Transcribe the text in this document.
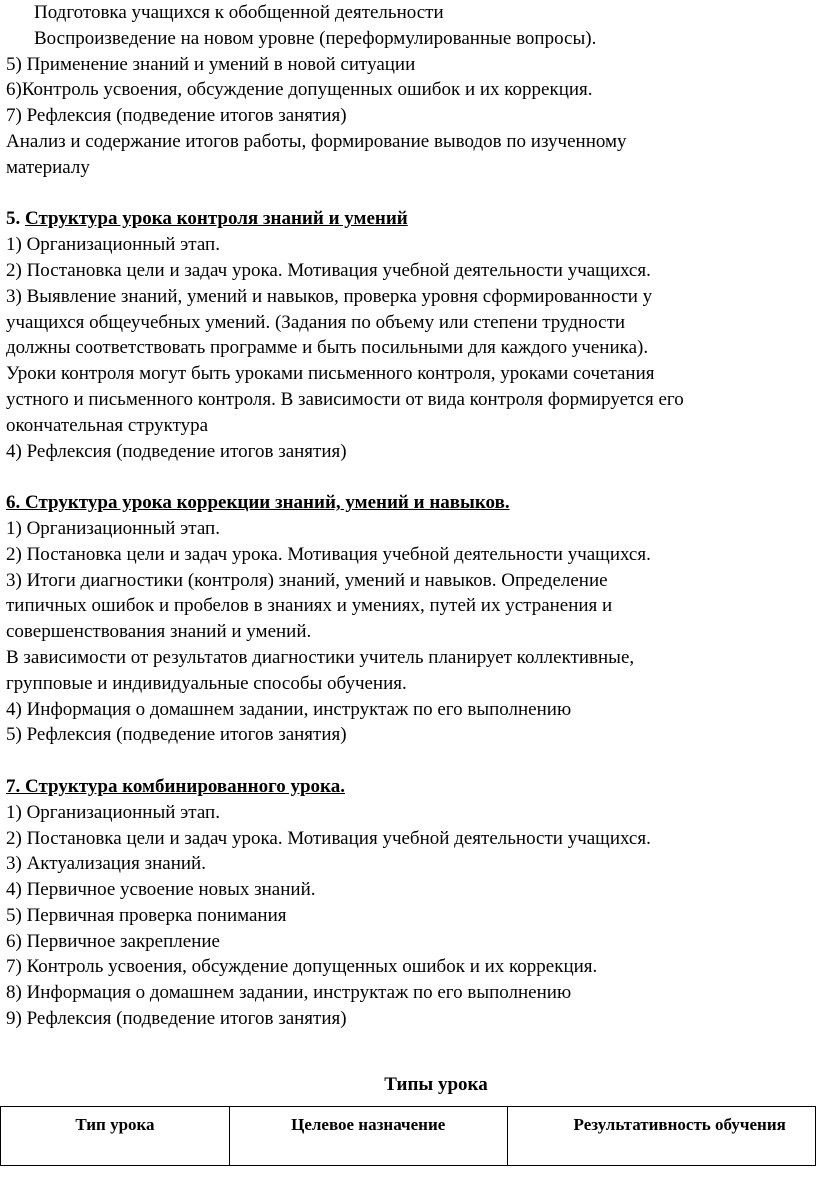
Подготовка учащихся к обобщенной деятельности
Воспроизведение на новом уровне (переформулированные вопросы).
5) Применение знаний и умений в новой ситуации
6)Контроль усвоения, обсуждение допущенных ошибок и их коррекция.
7) Рефлексия (подведение итогов занятия)
Анализ и содержание итогов работы, формирование выводов по изученному
материалу
5. Структура урока контроля знаний и умений
1) Организационный этап.
2) Постановка цели и задач урока. Мотивация учебной деятельности учащихся.
3) Выявление знаний, умений и навыков, проверка уровня сформированности у
учащихся общеучебных умений. (Задания по объему или степени трудности
должны соответствовать программе и быть посильными для каждого ученика).
Уроки контроля могут быть уроками письменного контроля, уроками сочетания
устного и письменного контроля. В зависимости от вида контроля формируется его
окончательная структура
4) Рефлексия (подведение итогов занятия)
6. Структура урока коррекции знаний, умений и навыков.
1) Организационный этап.
2) Постановка цели и задач урока. Мотивация учебной деятельности учащихся.
3) Итоги диагностики (контроля) знаний, умений и навыков. Определение
типичных ошибок и пробелов в знаниях и умениях, путей их устранения и
совершенствования знаний и умений.
В зависимости от результатов диагностики учитель планирует коллективные,
групповые и индивидуальные способы обучения.
4) Информация о домашнем задании, инструктаж по его выполнению
5) Рефлексия (подведение итогов занятия)
7. Структура комбинированного урока.
1) Организационный этап.
2) Постановка цели и задач урока. Мотивация учебной деятельности учащихся.
3) Актуализация знаний.
4) Первичное усвоение новых знаний.
5) Первичная проверка понимания
6) Первичное закрепление
7) Контроль усвоения, обсуждение допущенных ошибок и их коррекция.
8) Информация о домашнем задании, инструктаж по его выполнению
9) Рефлексия (подведение итогов занятия)
Типы урока
Тип урока	Целевое назначение	Результативность обучения
